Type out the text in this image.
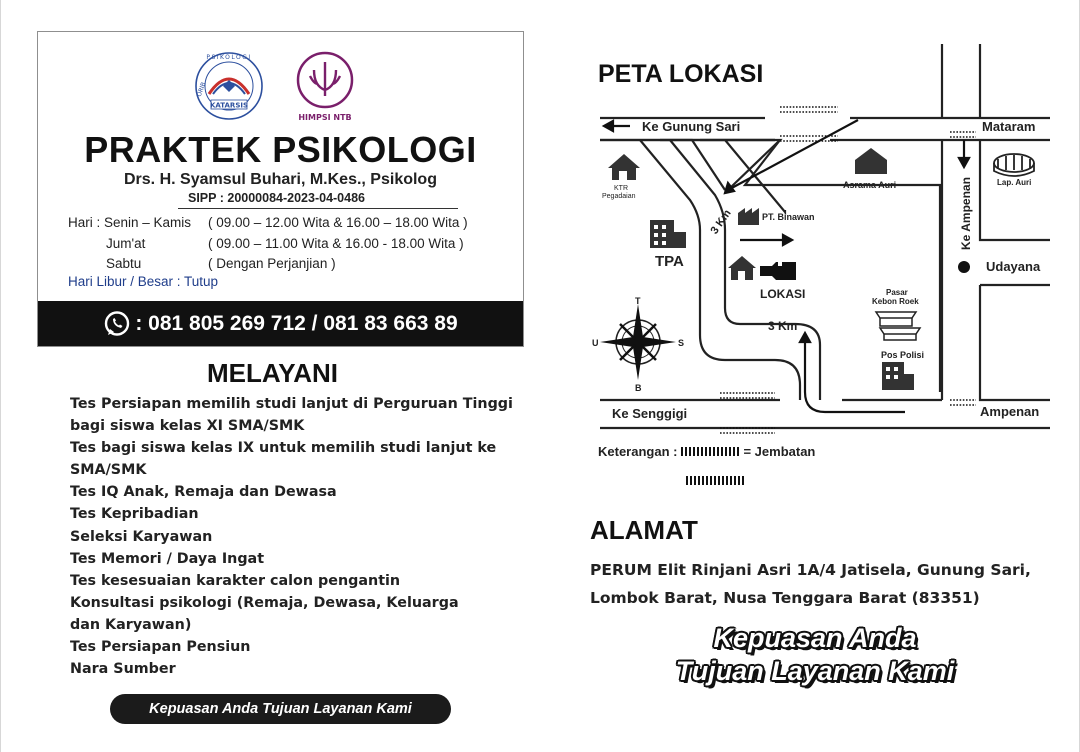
KATARSIS
PSIKOLOGI
ORIB
HIMPSI NTB
PRAKTEK PSIKOLOGI
Drs. H. Syamsul Buhari, M.Kes., Psikolog
SIPP : 20000084-2023-04-0486
Hari : Senin – Kamis ( 09.00 – 12.00 Wita & 16.00 – 18.00 Wita )
Jum'at	( 09.00 – 11.00 Wita & 16.00 - 18.00 Wita )
Sabtu	( Dengan Perjanjian )
Hari Libur / Besar : Tutup
: 081 805 269 712 / 081 83 663 89
MELAYANI
Tes Persiapan memilih studi lanjut di Perguruan Tinggi
bagi siswa kelas XI SMA/SMK
Tes bagi siswa kelas IX untuk memilih studi lanjut ke
SMA/SMK
Tes IQ Anak, Remaja dan Dewasa
Tes Kepribadian
Seleksi Karyawan
Tes Memori / Daya Ingat
Tes kesesuaian karakter calon pengantin
Konsultasi psikologi (Remaja, Dewasa, Keluarga
dan Karyawan)
Tes Persiapan Pensiun
Nara Sumber
Kepuasan Anda Tujuan Layanan Kami
PETA LOKASI
Ke Gunung Sari	Mataram
KTR
Pegadaian
Asrama Auri	Lap. Auri
PT. Binawan
3 Km
3 Km
TPA
LOKASI	Pasar
Kebon Roek
Pos Polisi
Ke Ampenan
Udayana
Ke Senggigi	Ampenan
T
B
U	S
Keterangan :	= Jembatan
ALAMAT
PERUM Elit Rinjani Asri 1A/4 Jatisela, Gunung Sari,
Lombok Barat, Nusa Tenggara Barat (83351)
Kepuasan Anda
Tujuan Layanan Kami
